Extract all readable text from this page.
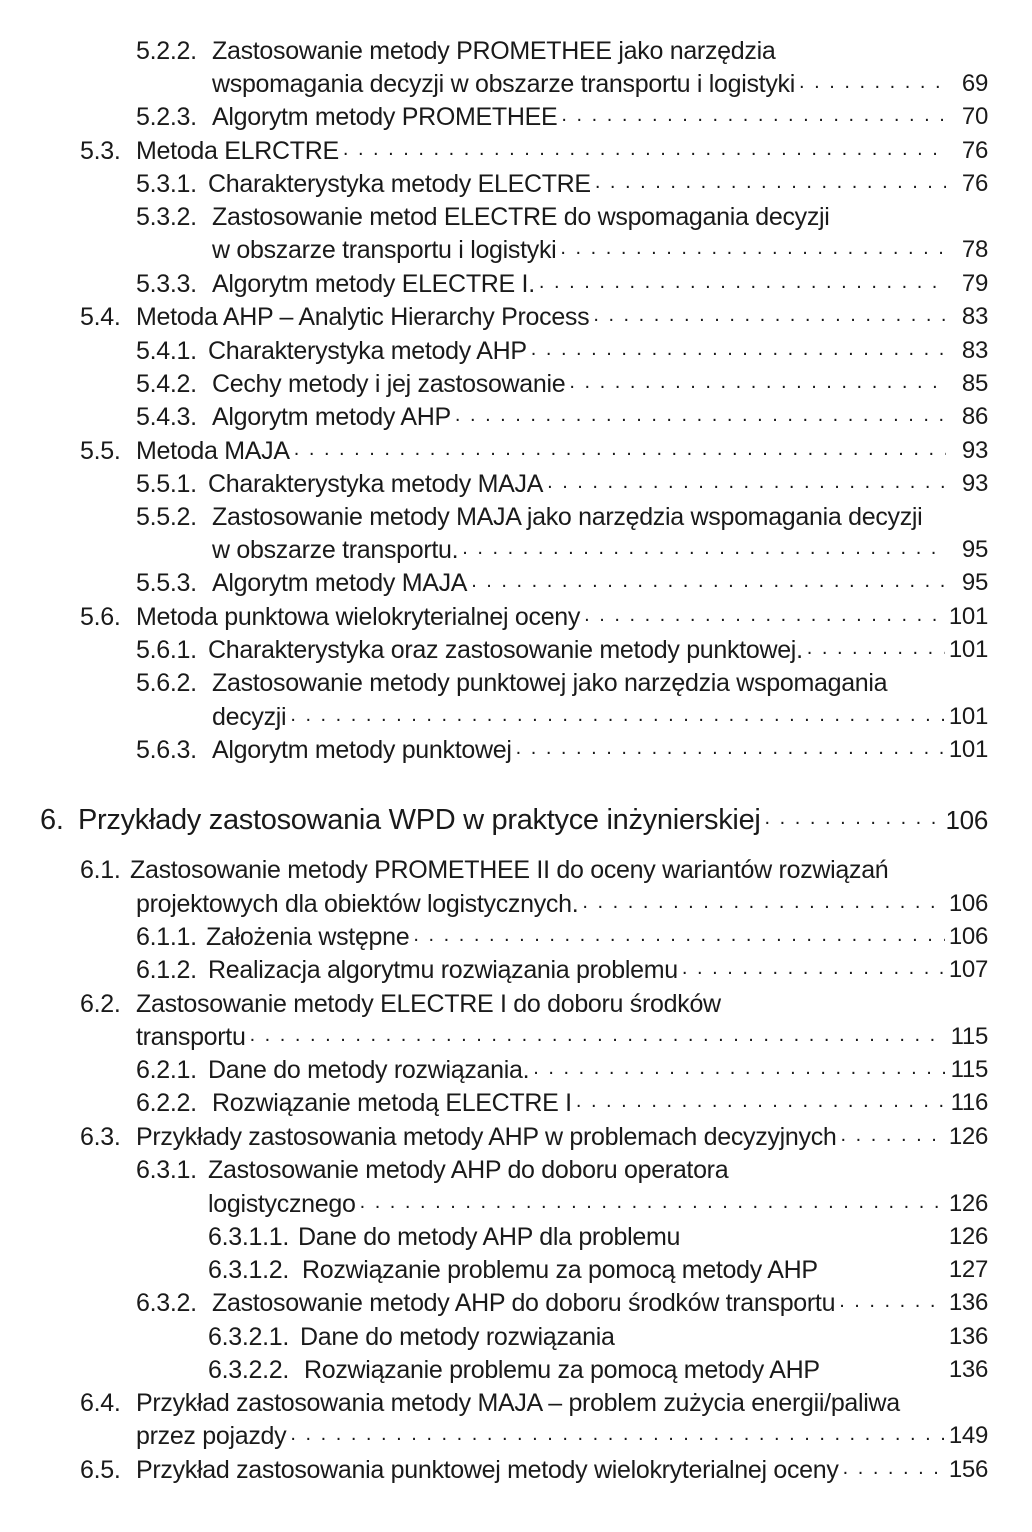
5.2.2. Zastosowanie metody PROMETHEE jako narzędzia
wspomagania decyzji w obszarze transportu i logistyki . . .	69
5.2.3. Algorytm metody PROMETHEE . . .	70
5.3. Metoda ELRCTRE . . .	76
5.3.1. Charakterystyka metody ELECTRE . . .	76
5.3.2. Zastosowanie metod ELECTRE do wspomagania decyzji
w obszarze transportu i logistyki . . .	78
5.3.3. Algorytm metody ELECTRE I. . . .	79
5.4. Metoda AHP – Analytic Hierarchy Process . . .	83
5.4.1. Charakterystyka metody AHP . . .	83
5.4.2. Cechy metody i jej zastosowanie . . .	85
5.4.3. Algorytm metody AHP . . .	86
5.5. Metoda MAJA . . .	93
5.5.1. Charakterystyka metody MAJA . . .	93
5.5.2. Zastosowanie metody MAJA jako narzędzia wspomagania decyzji
w obszarze transportu. . . .	95
5.5.3. Algorytm metody MAJA . . .	95
5.6. Metoda punktowa wielokryterialnej oceny . . .	101
5.6.1. Charakterystyka oraz zastosowanie metody punktowej. . . .	101
5.6.2. Zastosowanie metody punktowej jako narzędzia wspomagania
decyzji . . .	101
5.6.3. Algorytm metody punktowej . . .	101
6. Przykłady zastosowania WPD w praktyce inżynierskiej . . .	106
6.1. Zastosowanie metody PROMETHEE II do oceny wariantów rozwiązań
projektowych dla obiektów logistycznych. . . .	106
6.1.1. Założenia wstępne . . .	106
6.1.2. Realizacja algorytmu rozwiązania problemu . . .	107
6.2. Zastosowanie metody ELECTRE I do doboru środków
transportu . . .	115
6.2.1. Dane do metody rozwiązania. . . .	115
6.2.2. Rozwiązanie metodą ELECTRE I . . .	116
6.3. Przykłady zastosowania metody AHP w problemach decyzyjnych . . .	126
6.3.1. Zastosowanie metody AHP do doboru operatora
logistycznego . . .	126
6.3.1.1. Dane do metody AHP dla problemu	126
6.3.1.2. Rozwiązanie problemu za pomocą metody AHP	127
6.3.2. Zastosowanie metody AHP do doboru środków transportu . . .	136
6.3.2.1. Dane do metody rozwiązania	136
6.3.2.2. Rozwiązanie problemu za pomocą metody AHP	136
6.4. Przykład zastosowania metody MAJA – problem zużycia energii/paliwa
przez pojazdy . . .	149
6.5. Przykład zastosowania punktowej metody wielokryterialnej oceny . . .	156
